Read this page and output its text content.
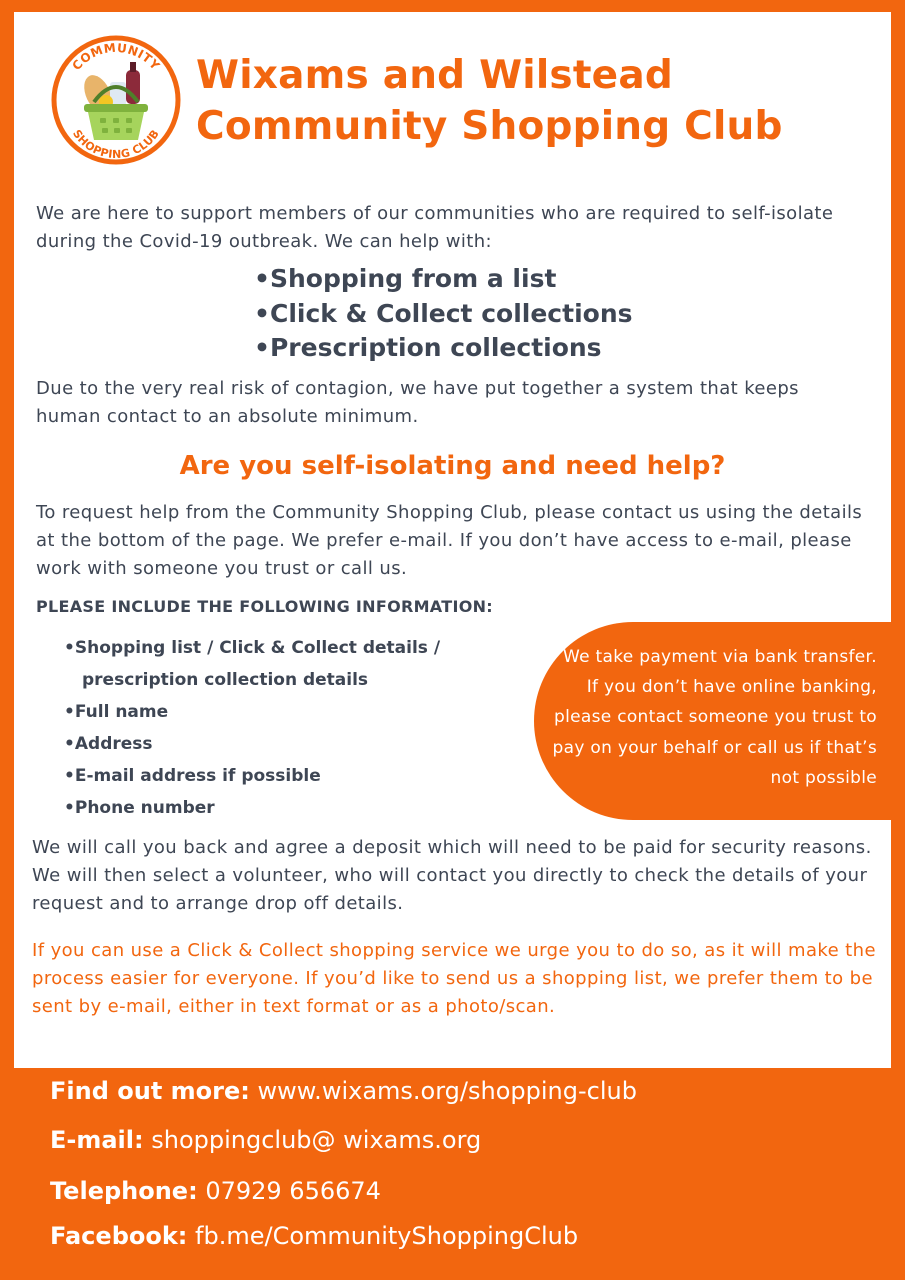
COMMUNITY
SHOPPING CLUB
Wixams and Wilstead
Community Shopping Club

We are here to support members of our communities who are required to self-isolate during the Covid-19 outbreak. We can help with:

• Shopping from a list
• Click & Collect collections
• Prescription collections

Due to the very real risk of contagion, we have put together a system that keeps human contact to an absolute minimum.

Are you self-isolating and need help?

To request help from the Community Shopping Club, please contact us using the details at the bottom of the page. We prefer e-mail. If you don’t have access to e-mail, please work with someone you trust or call us.

PLEASE INCLUDE THE FOLLOWING INFORMATION:

• Shopping list / Click & Collect details / prescription collection details
• Full name
• Address
• E-mail address if possible
• Phone number

We take payment via bank transfer. If you don’t have online banking, please contact someone you trust to pay on your behalf or call us if that’s not possible

We will call you back and agree a deposit which will need to be paid for security reasons. We will then select a volunteer, who will contact you directly to check the details of your request and to arrange drop off details.

If you can use a Click & Collect shopping service we urge you to do so, as it will make the process easier for everyone. If you’d like to send us a shopping list, we prefer them to be sent by e-mail, either in text format or as a photo/scan.

Find out more: www.wixams.org/shopping-club
E-mail: shoppingclub@ wixams.org
Telephone: 07929 656674
Facebook: fb.me/CommunityShoppingClub
